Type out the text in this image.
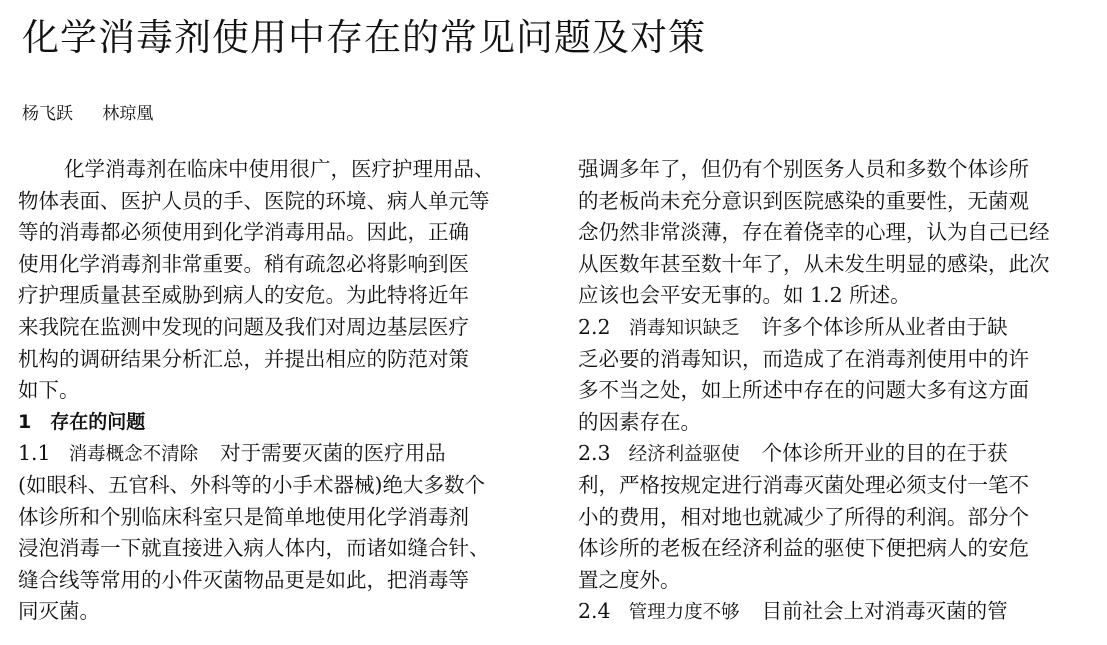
化学消毒剂使用中存在的常见问题及对策
杨飞跃 林琼凰
化学消毒剂在临床中使用很广，医疗护理用品、
物体表面、医护人员的手、医院的环境、病人单元等
等的消毒都必须使用到化学消毒用品。因此，正确
使用化学消毒剂非常重要。稍有疏忽必将影响到医
疗护理质量甚至威胁到病人的安危。为此特将近年
来我院在监测中发现的问题及我们对周边基层医疗
机构的调研结果分析汇总，并提出相应的防范对策
如下。
1　存在的问题
1.1 消毒概念不清除 对于需要灭菌的医疗用品
(如眼科、五官科、外科等的小手术器械)绝大多数个
体诊所和个别临床科室只是简单地使用化学消毒剂
浸泡消毒一下就直接进入病人体内，而诸如缝合针、
缝合线等常用的小件灭菌物品更是如此，把消毒等
同灭菌。
强调多年了，但仍有个别医务人员和多数个体诊所
的老板尚未充分意识到医院感染的重要性，无菌观
念仍然非常淡薄，存在着侥幸的心理，认为自己已经
从医数年甚至数十年了，从未发生明显的感染，此次
应该也会平安无事的。如 1.2 所述。
2.2 消毒知识缺乏 许多个体诊所从业者由于缺
乏必要的消毒知识，而造成了在消毒剂使用中的许
多不当之处，如上所述中存在的问题大多有这方面
的因素存在。
2.3 经济利益驱使 个体诊所开业的目的在于获
利，严格按规定进行消毒灭菌处理必须支付一笔不
小的费用，相对地也就减少了所得的利润。部分个
体诊所的老板在经济利益的驱使下便把病人的安危
置之度外。
2.4 管理力度不够 目前社会上对消毒灭菌的管
